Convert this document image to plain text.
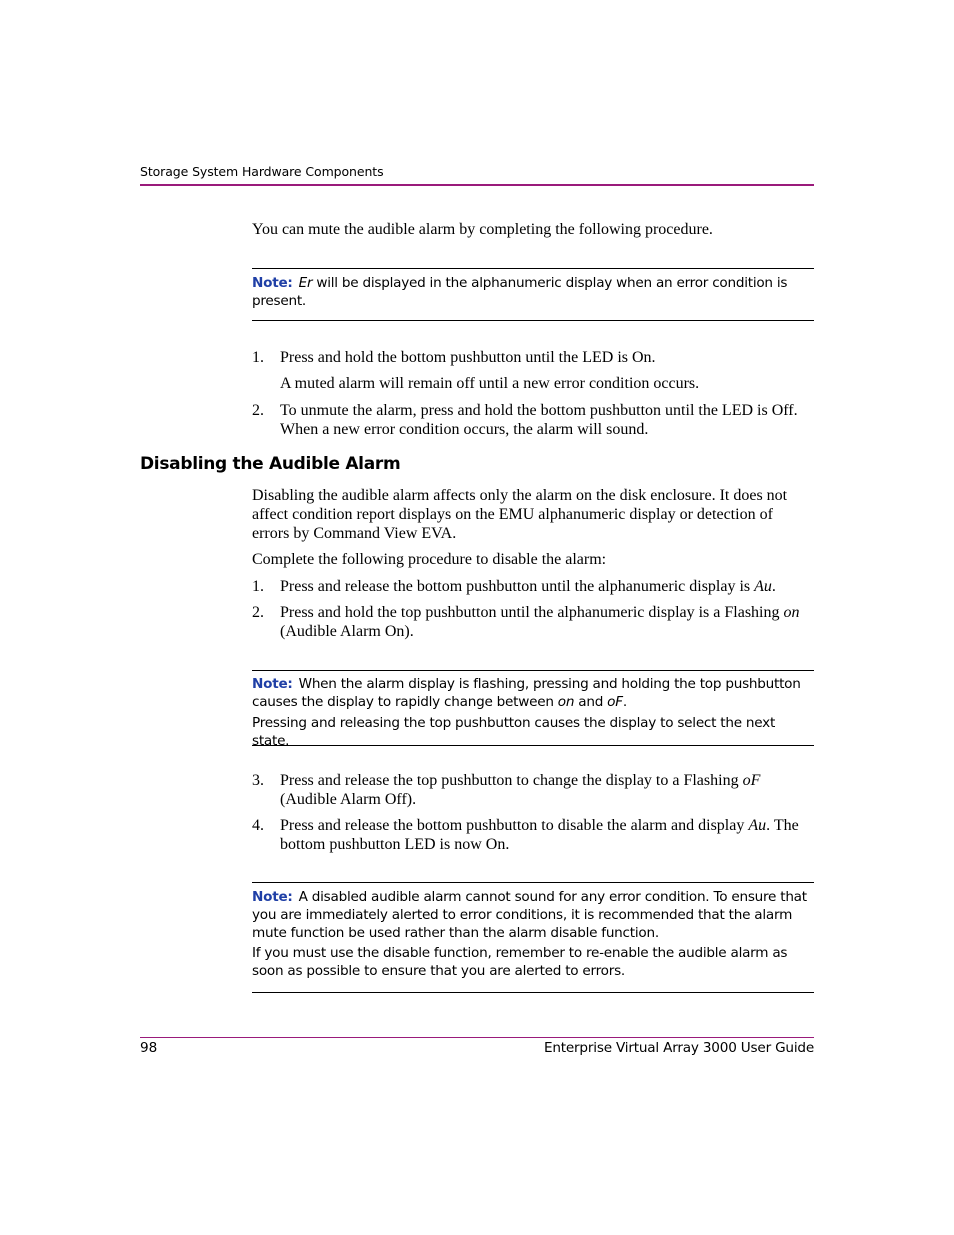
Storage System Hardware Components

You can mute the audible alarm by completing the following procedure.

Note: Er will be displayed in the alphanumeric display when an error condition is present.
1. Press and hold the bottom pushbutton until the LED is On.
A muted alarm will remain off until a new error condition occurs.
2. To unmute the alarm, press and hold the bottom pushbutton until the LED is Off. When a new error condition occurs, the alarm will sound.
Disabling the Audible Alarm

Disabling the audible alarm affects only the alarm on the disk enclosure. It does not affect condition report displays on the EMU alphanumeric display or detection of errors by Command View EVA.

Complete the following procedure to disable the alarm:

1. Press and release the bottom pushbutton until the alphanumeric display is Au.
2. Press and hold the top pushbutton until the alphanumeric display is a Flashing on (Audible Alarm On).
Note: When the alarm display is flashing, pressing and holding the top pushbutton causes the display to rapidly change between on and oF.
Pressing and releasing the top pushbutton causes the display to select the next state.
3. Press and release the top pushbutton to change the display to a Flashing oF (Audible Alarm Off).
4. Press and release the bottom pushbutton to disable the alarm and display Au. The bottom pushbutton LED is now On.
Note: A disabled audible alarm cannot sound for any error condition. To ensure that you are immediately alerted to error conditions, it is recommended that the alarm mute function be used rather than the alarm disable function.
If you must use the disable function, remember to re-enable the audible alarm as soon as possible to ensure that you are alerted to errors.
98	Enterprise Virtual Array 3000 User Guide
